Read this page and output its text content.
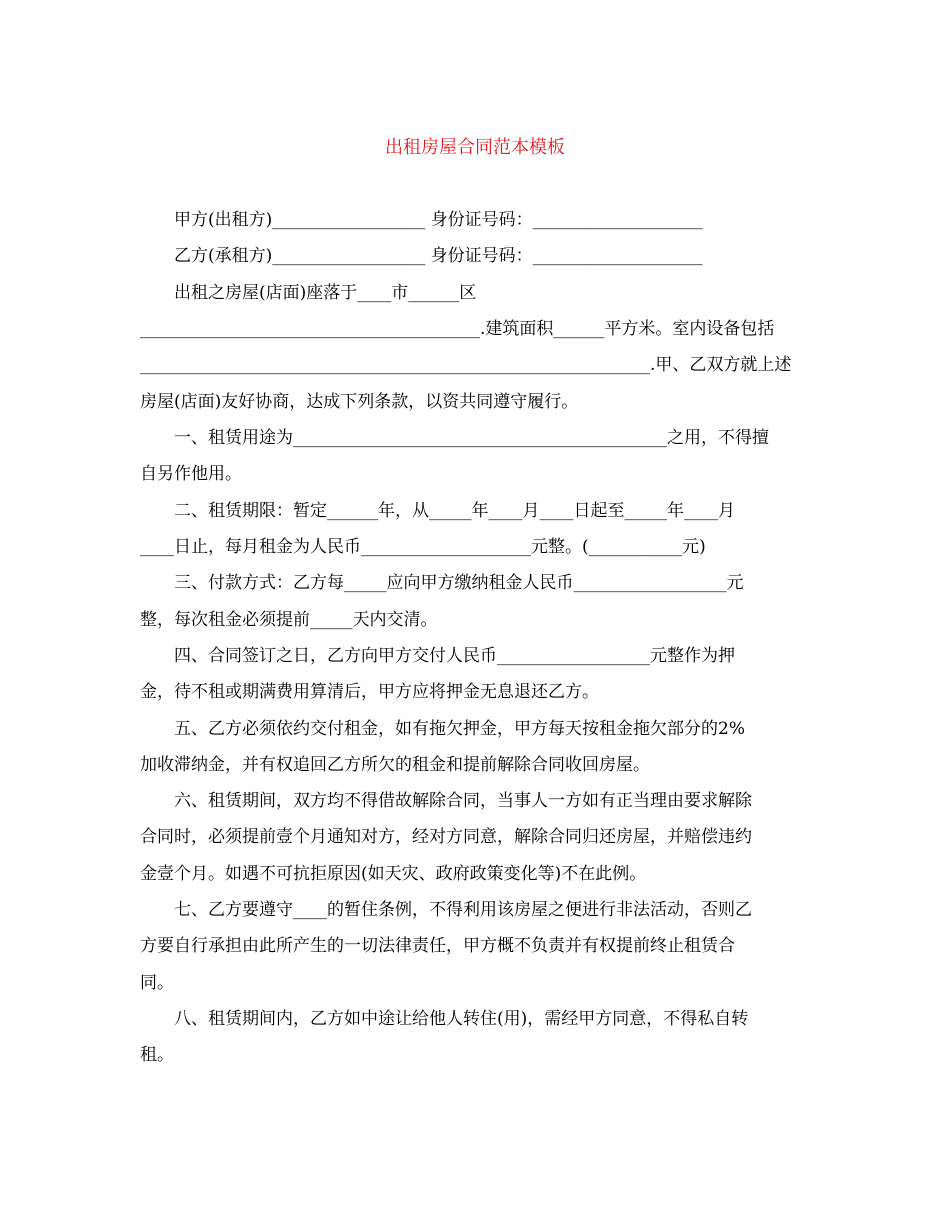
出租房屋合同范本模板
甲方(出租方)__________________ 身份证号码：____________________
乙方(承租方)__________________ 身份证号码：____________________
出租之房屋(店面)座落于____市______区
________________________________________.建筑面积______平方米。室内设备包括
____________________________________________________________.甲、乙双方就上述
房屋(店面)友好协商，达成下列条款，以资共同遵守履行。
一、租赁用途为____________________________________________之用，不得擅
自另作他用。
二、租赁期限：暂定______年，从_____年____月____日起至_____年____月
____日止，每月租金为人民币____________________元整。(___________元)
三、付款方式：乙方每_____应向甲方缴纳租金人民币__________________元
整，每次租金必须提前_____天内交清。
四、合同签订之日，乙方向甲方交付人民币__________________元整作为押
金，待不租或期满费用算清后，甲方应将押金无息退还乙方。
五、乙方必须依约交付租金，如有拖欠押金，甲方每天按租金拖欠部分的2%
加收滞纳金，并有权追回乙方所欠的租金和提前解除合同收回房屋。
六、租赁期间，双方均不得借故解除合同，当事人一方如有正当理由要求解除
合同时，必须提前壹个月通知对方，经对方同意，解除合同归还房屋，并赔偿违约
金壹个月。如遇不可抗拒原因(如天灾、政府政策变化等)不在此例。
七、乙方要遵守____的暂住条例，不得利用该房屋之便进行非法活动，否则乙
方要自行承担由此所产生的一切法律责任，甲方概不负责并有权提前终止租赁合
同。
八、租赁期间内，乙方如中途让给他人转住(用)，需经甲方同意，不得私自转
租。
